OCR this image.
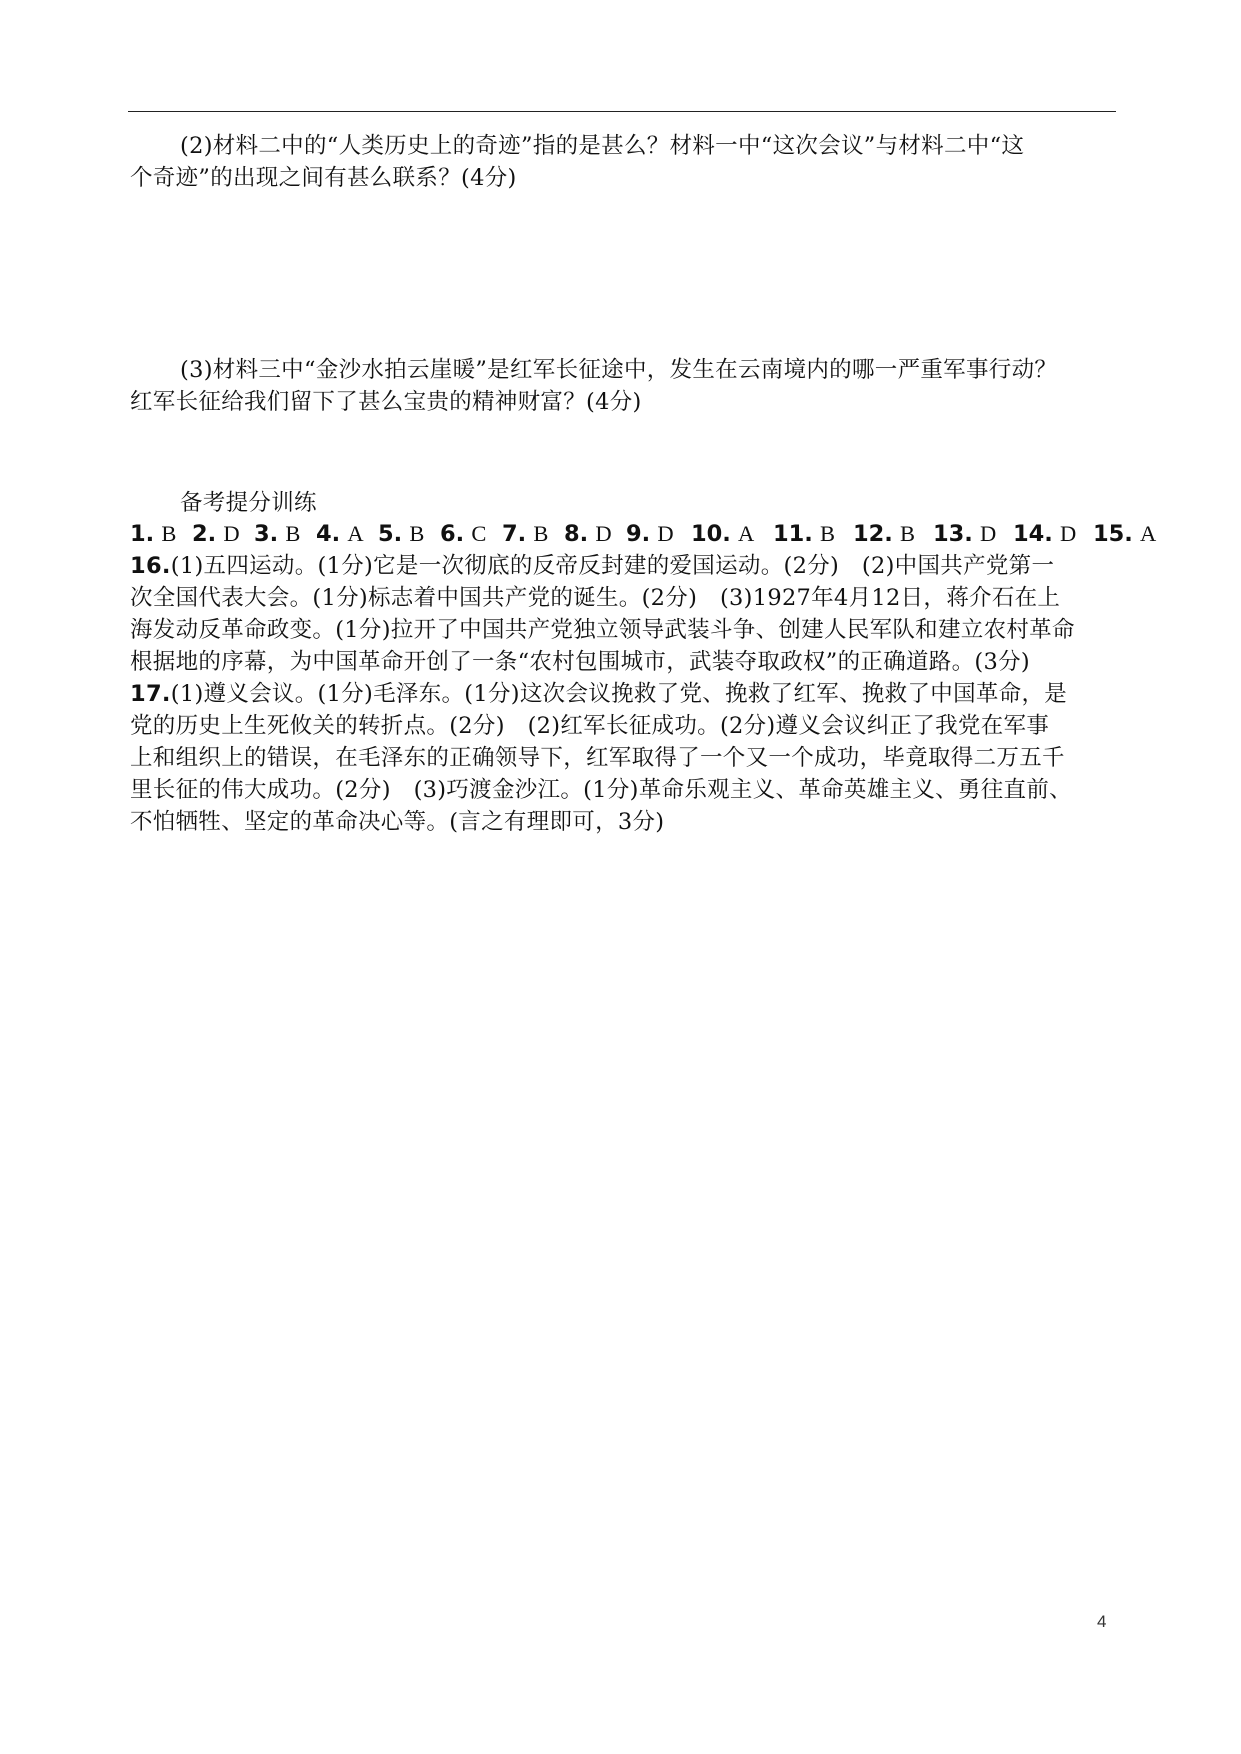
(2)材料二中的“人类历史上的奇迹”指的是甚么？材料一中“这次会议”与材料二中“这
个奇迹”的出现之间有甚么联系？(4分)
(3)材料三中“金沙水拍云崖暖”是红军长征途中，发生在云南境内的哪一严重军事行动？
红军长征给我们留下了甚么宝贵的精神财富？(4分)
备考提分训练
1. B 2. D 3. B 4. A 5. B 6. C 7. B 8. D 9. D 10. A 11. B 12. B 13. D 14. D 15. A
16.(1)五四运动。(1分)它是一次彻底的反帝反封建的爱国运动。(2分)　(2)中国共产党第一
次全国代表大会。(1分)标志着中国共产党的诞生。(2分)　(3)1927年4月12日，蒋介石在上
海发动反革命政变。(1分)拉开了中国共产党独立领导武装斗争、创建人民军队和建立农村革命
根据地的序幕，为中国革命开创了一条“农村包围城市，武装夺取政权”的正确道路。(3分)
17.(1)遵义会议。(1分)毛泽东。(1分)这次会议挽救了党、挽救了红军、挽救了中国革命，是
党的历史上生死攸关的转折点。(2分)　(2)红军长征成功。(2分)遵义会议纠正了我党在军事
上和组织上的错误，在毛泽东的正确领导下，红军取得了一个又一个成功，毕竟取得二万五千
里长征的伟大成功。(2分)　(3)巧渡金沙江。(1分)革命乐观主义、革命英雄主义、勇往直前、
不怕牺牲、坚定的革命决心等。(言之有理即可，3分)
4
